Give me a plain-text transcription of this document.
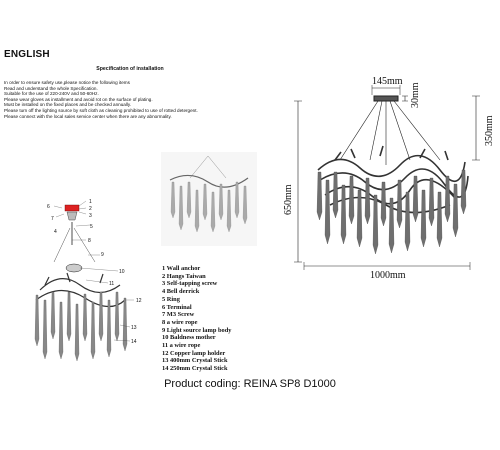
ENGLISH
Specification of installation
In order to ensure safety use,please notice the following items
Read and understand the whole Specification.
Suitable for the use of 220-240V and 50-60Hz.
Please wear gloves as installment and avoid rot on the surface of plating.
Must be installed on the fixed places and be checked annually.
Please turn off the lighting source by soft cloth as cleaning prohibited to use of rotted detergent.
Please connect with the local sales service center when there are any abnormality.
145mm
30mm
350mm
650mm
1000mm
1
2
3
4
5
6
7
8
9
10
11
12
13
14
1 Wall anchor
2 Hangs Taiwan
3 Self-tapping screw
4 Bell derrick
5 Ring
6 Terminal
7 M3 Screw
8 a wire rope
9 Light source lamp body
10 Baldness mother
11 a wire rope
12 Copper lamp holder
13 400mm Crystal Stick
14 250mm Crystal Stick
Product coding: REINA SP8 D1000
